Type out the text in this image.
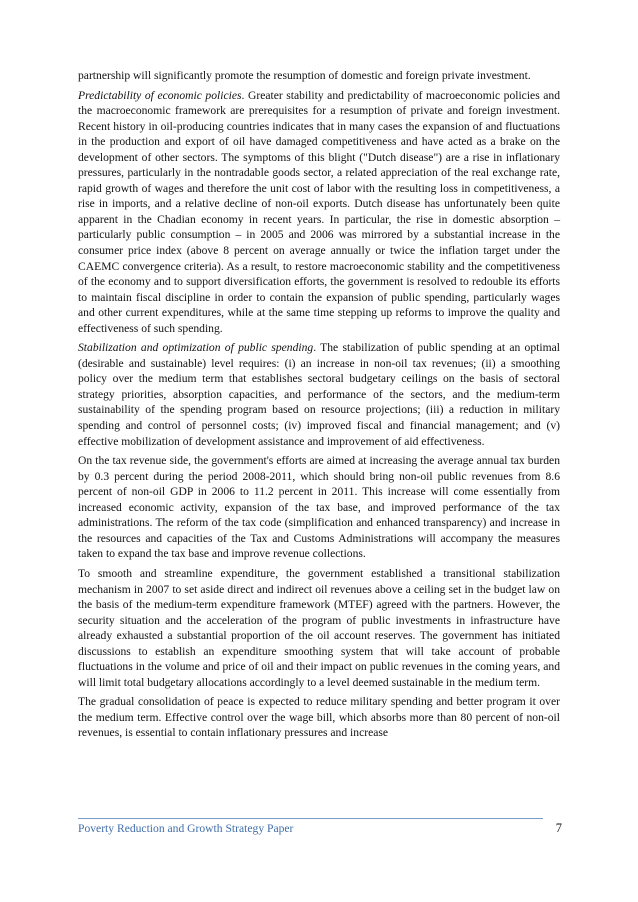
partnership will significantly promote the resumption of domestic and foreign private investment.

Predictability of economic policies. Greater stability and predictability of macroeconomic policies and the macroeconomic framework are prerequisites for a resumption of private and foreign investment. Recent history in oil-producing countries indicates that in many cases the expansion of and fluctuations in the production and export of oil have damaged competitiveness and have acted as a brake on the development of other sectors. The symptoms of this blight ("Dutch disease") are a rise in inflationary pressures, particularly in the nontradable goods sector, a related appreciation of the real exchange rate, rapid growth of wages and therefore the unit cost of labor with the resulting loss in competitiveness, a rise in imports, and a relative decline of non-oil exports. Dutch disease has unfortunately been quite apparent in the Chadian economy in recent years. In particular, the rise in domestic absorption – particularly public consumption – in 2005 and 2006 was mirrored by a substantial increase in the consumer price index (above 8 percent on average annually or twice the inflation target under the CAEMC convergence criteria). As a result, to restore macroeconomic stability and the competitiveness of the economy and to support diversification efforts, the government is resolved to redouble its efforts to maintain fiscal discipline in order to contain the expansion of public spending, particularly wages and other current expenditures, while at the same time stepping up reforms to improve the quality and effectiveness of such spending.

Stabilization and optimization of public spending. The stabilization of public spending at an optimal (desirable and sustainable) level requires: (i) an increase in non-oil tax revenues; (ii) a smoothing policy over the medium term that establishes sectoral budgetary ceilings on the basis of sectoral strategy priorities, absorption capacities, and performance of the sectors, and the medium-term sustainability of the spending program based on resource projections; (iii) a reduction in military spending and control of personnel costs; (iv) improved fiscal and financial management; and (v) effective mobilization of development assistance and improvement of aid effectiveness.

On the tax revenue side, the government's efforts are aimed at increasing the average annual tax burden by 0.3 percent during the period 2008-2011, which should bring non-oil public revenues from 8.6 percent of non-oil GDP in 2006 to 11.2 percent in 2011. This increase will come essentially from increased economic activity, expansion of the tax base, and improved performance of the tax administrations. The reform of the tax code (simplification and enhanced transparency) and increase in the resources and capacities of the Tax and Customs Administrations will accompany the measures taken to expand the tax base and improve revenue collections.

To smooth and streamline expenditure, the government established a transitional stabilization mechanism in 2007 to set aside direct and indirect oil revenues above a ceiling set in the budget law on the basis of the medium-term expenditure framework (MTEF) agreed with the partners. However, the security situation and the acceleration of the program of public investments in infrastructure have already exhausted a substantial proportion of the oil account reserves. The government has initiated discussions to establish an expenditure smoothing system that will take account of probable fluctuations in the volume and price of oil and their impact on public revenues in the coming years, and will limit total budgetary allocations accordingly to a level deemed sustainable in the medium term.

The gradual consolidation of peace is expected to reduce military spending and better program it over the medium term. Effective control over the wage bill, which absorbs more than 80 percent of non-oil revenues, is essential to contain inflationary pressures and increase

Poverty Reduction and Growth Strategy Paper	7
